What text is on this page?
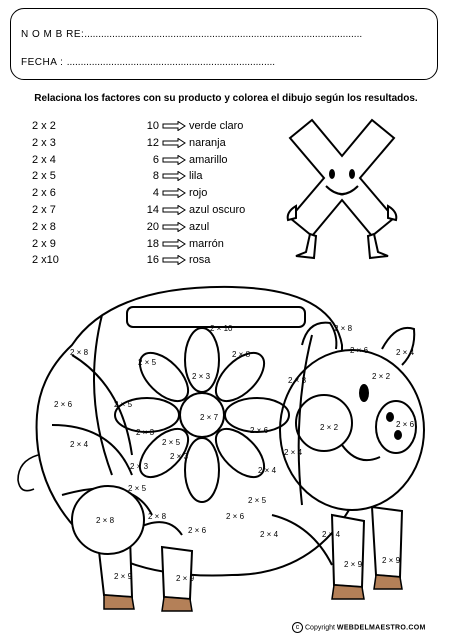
N O M B RE:....................................................................................................
FECHA : ...........................................................................
Relaciona los factores con su producto y colorea el dibujo según los resultados.
2 x 2	10	verde claro
2 x 3	12	naranja
2 x 4	6	amarillo
2 x 5	8	lila
2 x 6	4	rojo
2 x 7	14	azul oscuro
2 x 8	20	azul
2 x 9	18	marrón
2 x10	16	rosa
2 × 10
2 × 8
2 × 8
2 × 5
2 × 8	2 × 6	2 × 4
2 × 6	2 × 5
2 × 3	2 × 8	2 × 2
2 × 5
2 × 7
2 × 3	2 × 6	2 × 2	2 × 6
2 × 3
2 × 4
2 × 4
2 × 5
2 × 3
2 × 5
2 × 4
2 × 6	2 × 4
2 × 8	2 × 8	2 × 6
2 × 4
2 × 9	2 × 9
2 × 9 2 × 9
c Copyright WEBDELMAESTRO.COM
